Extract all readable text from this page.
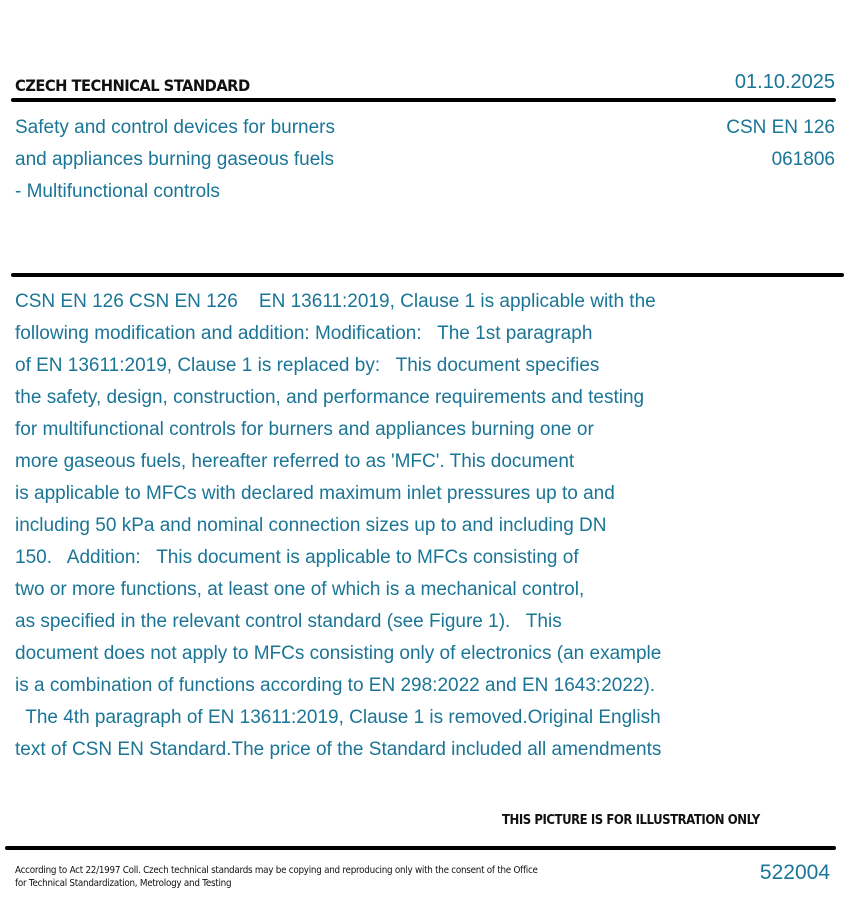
CZECH TECHNICAL STANDARD	01.10.2025
Safety and control devices for burners
and appliances burning gaseous fuels
- Multifunctional controls
CSN EN 126
061806
CSN EN 126 CSN EN 126    EN 13611:2019, Clause 1 is applicable with the
following modification and addition: Modification:   The 1st paragraph
of EN 13611:2019, Clause 1 is replaced by:   This document specifies
the safety, design, construction, and performance requirements and testing
for multifunctional controls for burners and appliances burning one or
more gaseous fuels, hereafter referred to as 'MFC'. This document
is applicable to MFCs with declared maximum inlet pressures up to and
including 50 kPa and nominal connection sizes up to and including DN
150.   Addition:   This document is applicable to MFCs consisting of
two or more functions, at least one of which is a mechanical control,
as specified in the relevant control standard (see Figure 1).   This
document does not apply to MFCs consisting only of electronics (an example
is a combination of functions according to EN 298:2022 and EN 1643:2022).
The 4th paragraph of EN 13611:2019, Clause 1 is removed.Original English
text of CSN EN Standard.The price of the Standard included all amendments
THIS PICTURE IS FOR ILLUSTRATION ONLY
According to Act 22/1997 Coll. Czech technical standards may be copying and reproducing only with the consent of the Office
for Technical Standardization, Metrology and Testing	522004
